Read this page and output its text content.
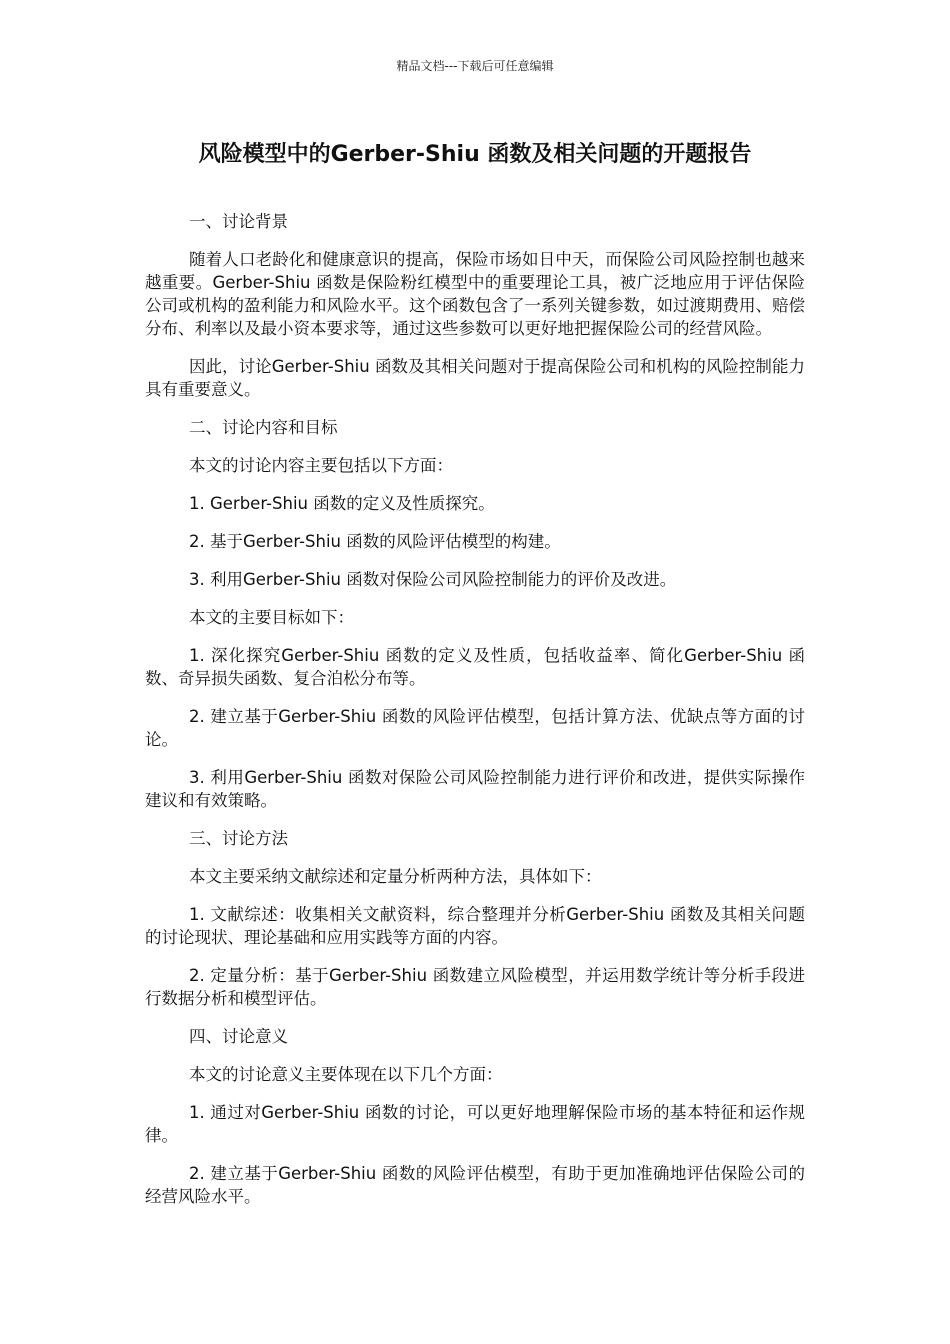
精品文档---下载后可任意编辑
风险模型中的Gerber-Shiu 函数及相关问题的开题报告

一、讨论背景

随着人口老龄化和健康意识的提高，保险市场如日中天，而保险公司风险控制也越来越重要。Gerber-Shiu 函数是保险粉红模型中的重要理论工具，被广泛地应用于评估保险公司或机构的盈利能力和风险水平。这个函数包含了一系列关键参数，如过渡期费用、赔偿分布、利率以及最小资本要求等，通过这些参数可以更好地把握保险公司的经营风险。

因此，讨论Gerber-Shiu 函数及其相关问题对于提高保险公司和机构的风险控制能力具有重要意义。

二、讨论内容和目标

本文的讨论内容主要包括以下方面：

1. Gerber-Shiu 函数的定义及性质探究。

2. 基于Gerber-Shiu 函数的风险评估模型的构建。

3. 利用Gerber-Shiu 函数对保险公司风险控制能力的评价及改进。

本文的主要目标如下：

1. 深化探究Gerber-Shiu 函数的定义及性质，包括收益率、简化Gerber-Shiu 函数、奇异损失函数、复合泊松分布等。

2. 建立基于Gerber-Shiu 函数的风险评估模型，包括计算方法、优缺点等方面的讨论。

3. 利用Gerber-Shiu 函数对保险公司风险控制能力进行评价和改进，提供实际操作建议和有效策略。

三、讨论方法

本文主要采纳文献综述和定量分析两种方法，具体如下：

1. 文献综述：收集相关文献资料，综合整理并分析Gerber-Shiu 函数及其相关问题的讨论现状、理论基础和应用实践等方面的内容。

2. 定量分析：基于Gerber-Shiu 函数建立风险模型，并运用数学统计等分析手段进行数据分析和模型评估。

四、讨论意义

本文的讨论意义主要体现在以下几个方面：

1. 通过对Gerber-Shiu 函数的讨论，可以更好地理解保险市场的基本特征和运作规律。

2. 建立基于Gerber-Shiu 函数的风险评估模型，有助于更加准确地评估保险公司的经营风险水平。
